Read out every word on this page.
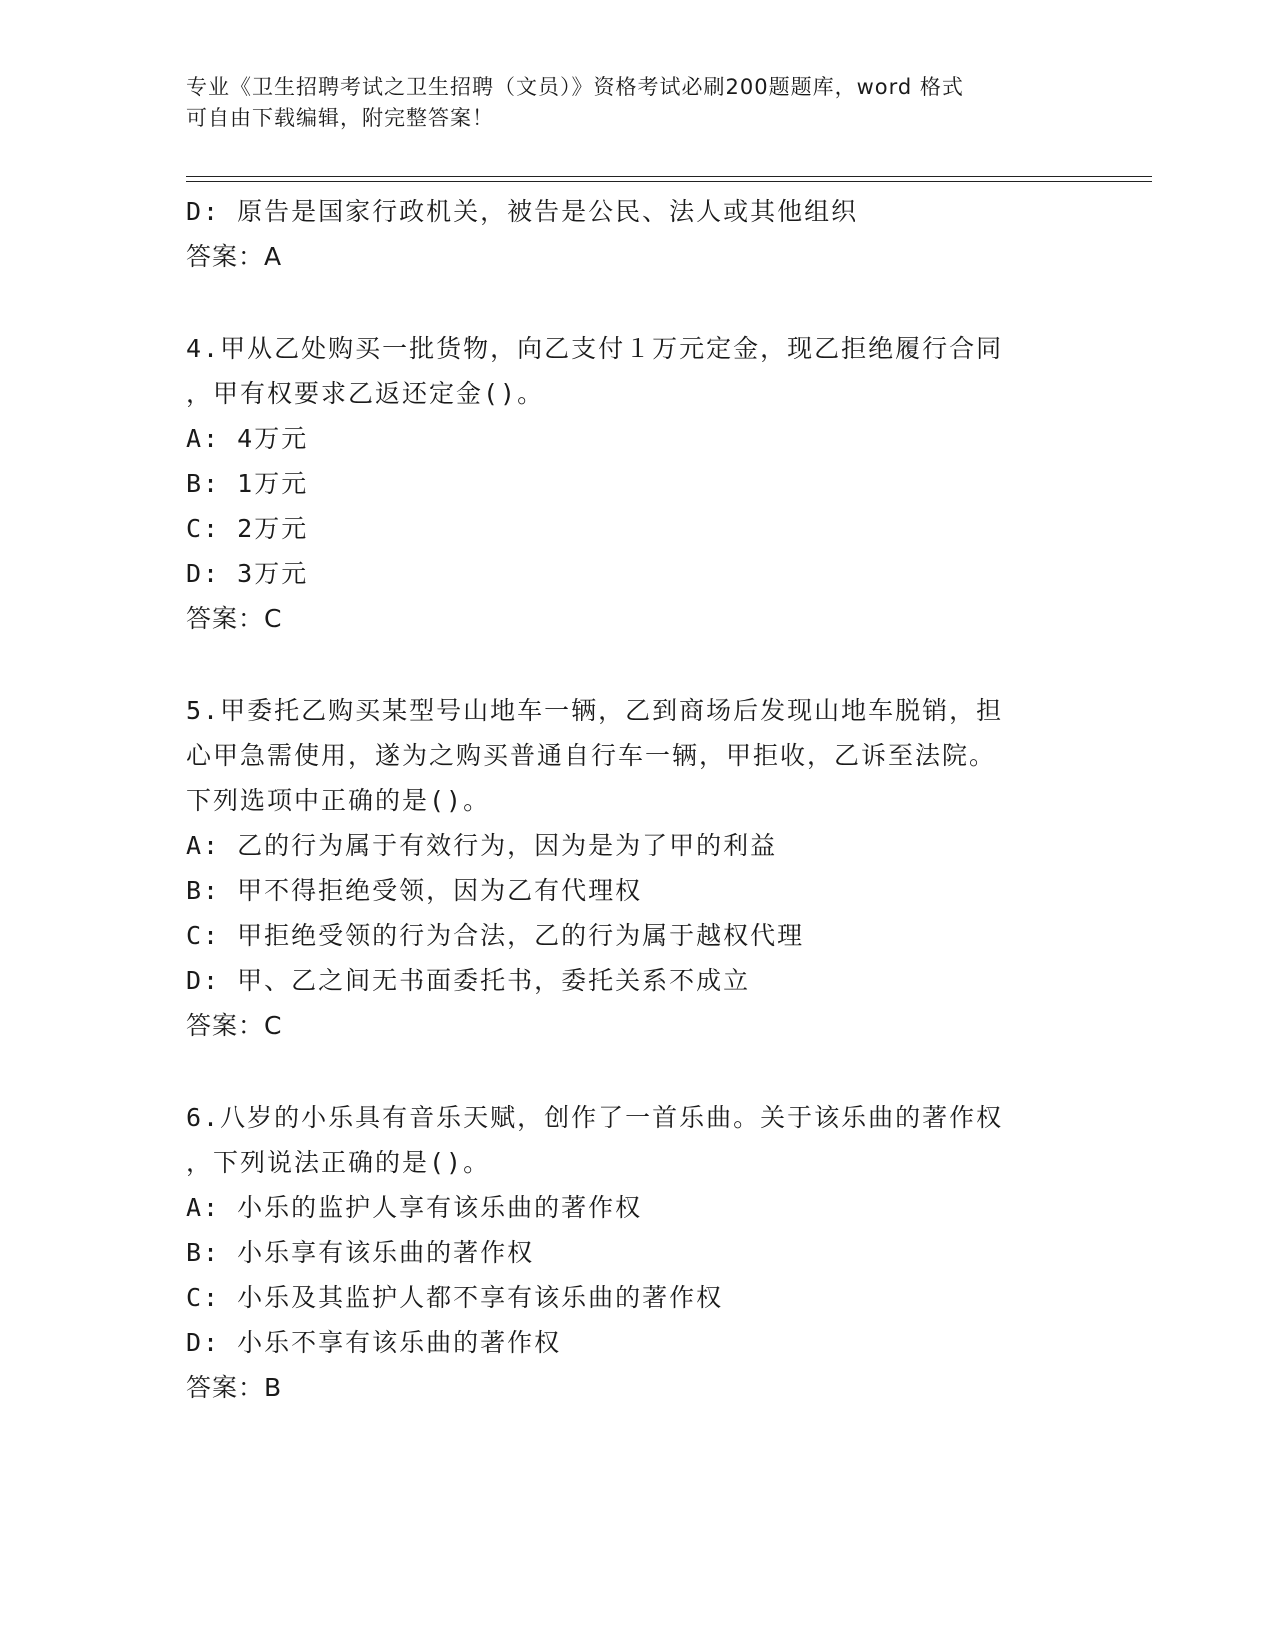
专业《卫生招聘考试之卫生招聘（文员）》资格考试必刷200题题库，word 格式
可自由下载编辑，附完整答案！
D: 原告是国家行政机关，被告是公民、法人或其他组织
答案：A
4.甲从乙处购买一批货物，向乙支付１万元定金，现乙拒绝履行合同
，甲有权要求乙返还定金()。
A: 4万元
B: 1万元
C: 2万元
D: 3万元
答案：C
5.甲委托乙购买某型号山地车一辆，乙到商场后发现山地车脱销，担
心甲急需使用，遂为之购买普通自行车一辆，甲拒收，乙诉至法院。
下列选项中正确的是()。
A: 乙的行为属于有效行为，因为是为了甲的利益
B: 甲不得拒绝受领，因为乙有代理权
C: 甲拒绝受领的行为合法，乙的行为属于越权代理
D: 甲、乙之间无书面委托书，委托关系不成立
答案：C
6.八岁的小乐具有音乐天赋，创作了一首乐曲。关于该乐曲的著作权
，下列说法正确的是()。
A: 小乐的监护人享有该乐曲的著作权
B: 小乐享有该乐曲的著作权
C: 小乐及其监护人都不享有该乐曲的著作权
D: 小乐不享有该乐曲的著作权
答案：B
